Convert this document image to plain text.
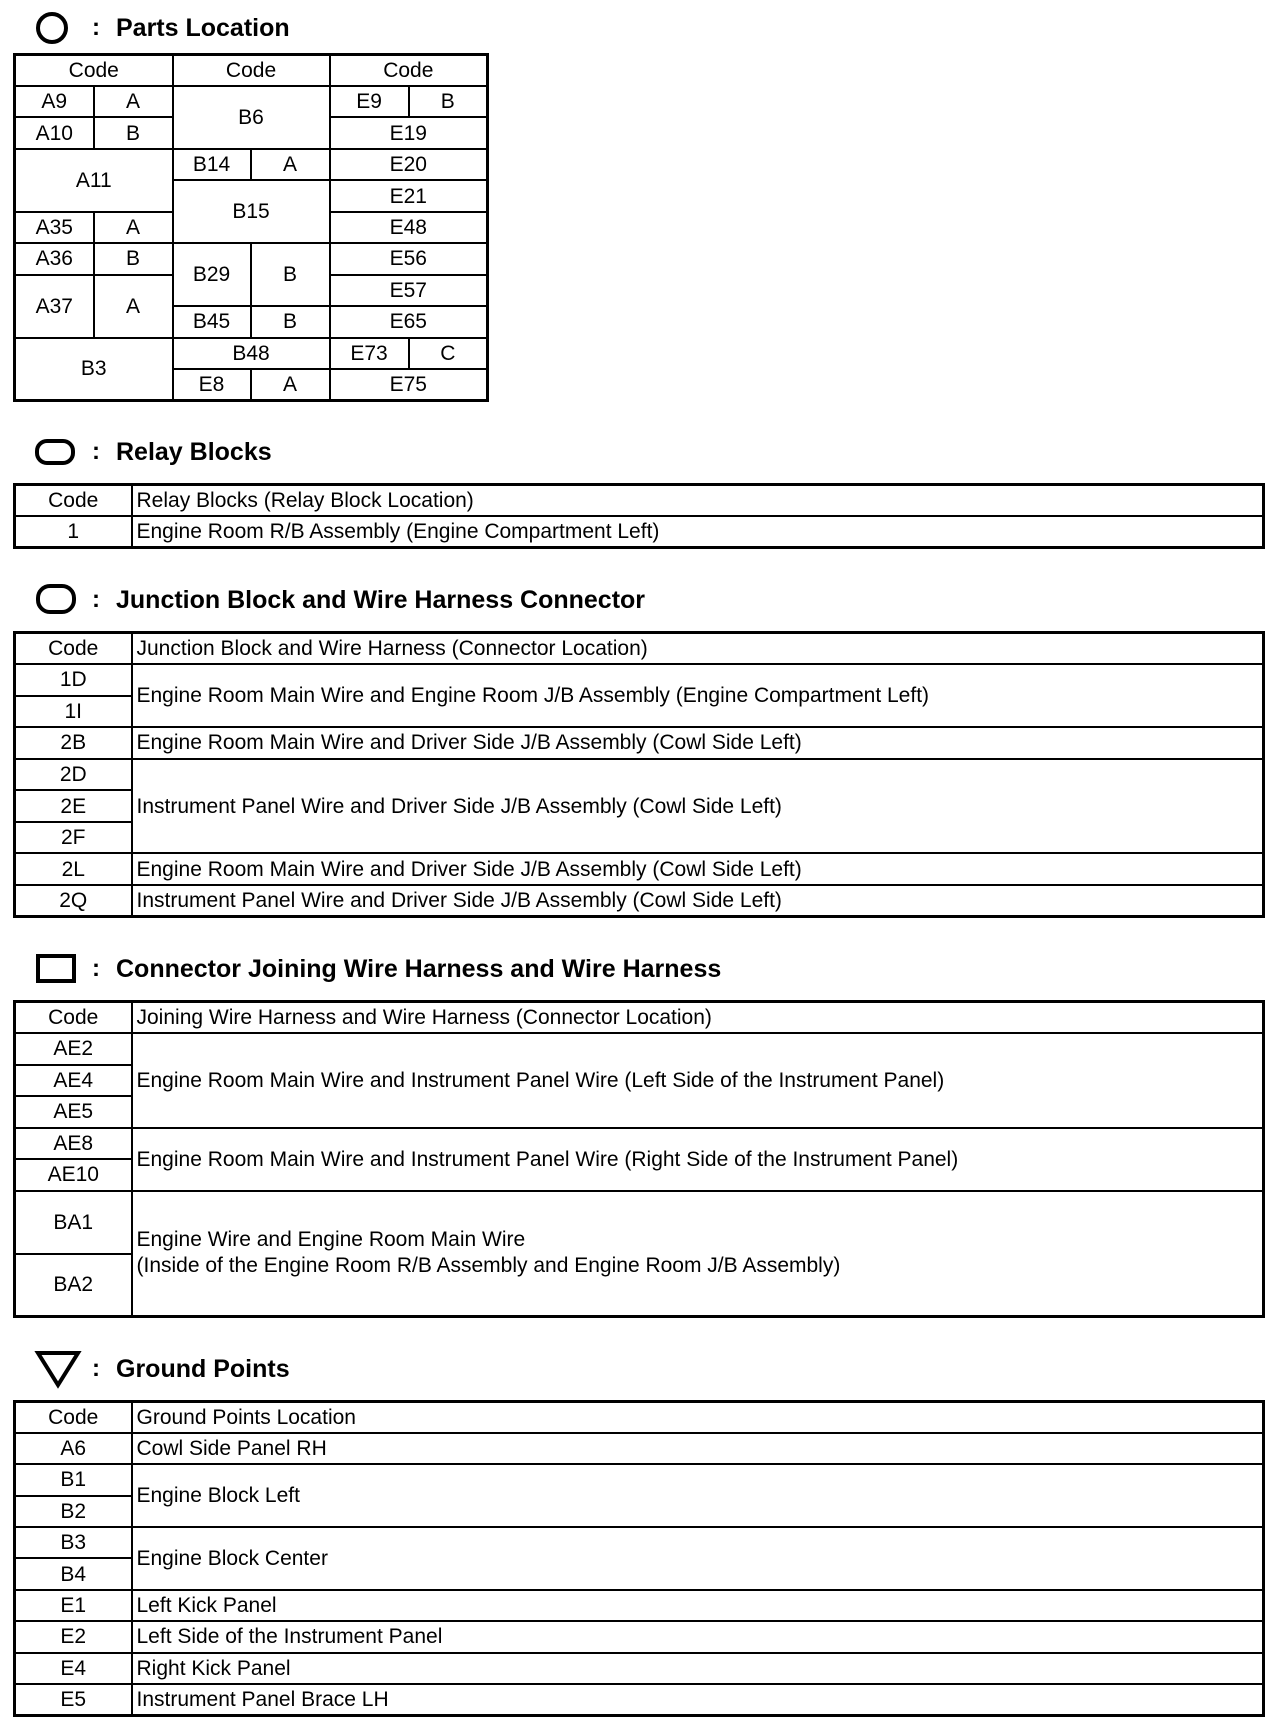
: Parts Location
Code		Code		Code	
A9	A	B6		E9	B
A10	B			E19	
A11		B14	A	E20	
		B15		E21	
A35	A			E48	
A36	B	B29	B	E56	
A37	A			E57	
		B45	B	E65	
B3		B48		E73	C
		E8	A	E75	
: Relay Blocks
Code	Relay Blocks (Relay Block Location)
1	Engine Room R/B Assembly (Engine Compartment Left)
: Junction Block and Wire Harness Connector
Code	Junction Block and Wire Harness (Connector Location)
1D	Engine Room Main Wire and Engine Room J/B Assembly (Engine Compartment Left)
1I	
2B	Engine Room Main Wire and Driver Side J/B Assembly (Cowl Side Left)
2D	Instrument Panel Wire and Driver Side J/B Assembly (Cowl Side Left)
2E	
2F	
2L	Engine Room Main Wire and Driver Side J/B Assembly (Cowl Side Left)
2Q	Instrument Panel Wire and Driver Side J/B Assembly (Cowl Side Left)
: Connector Joining Wire Harness and Wire Harness
Code	Joining Wire Harness and Wire Harness (Connector Location)
AE2	Engine Room Main Wire and Instrument Panel Wire (Left Side of the Instrument Panel)
AE4	
AE5	
AE8	Engine Room Main Wire and Instrument Panel Wire (Right Side of the Instrument Panel)
AE10	
BA1	Engine Wire and Engine Room Main Wire
(Inside of the Engine Room R/B Assembly and Engine Room J/B Assembly)

BA2	
: Ground Points
Code	Ground Points Location
A6	Cowl Side Panel RH
B1	Engine Block Left
B2	
B3	Engine Block Center
B4	
E1	Left Kick Panel
E2	Left Side of the Instrument Panel
E4	Right Kick Panel
E5	Instrument Panel Brace LH
